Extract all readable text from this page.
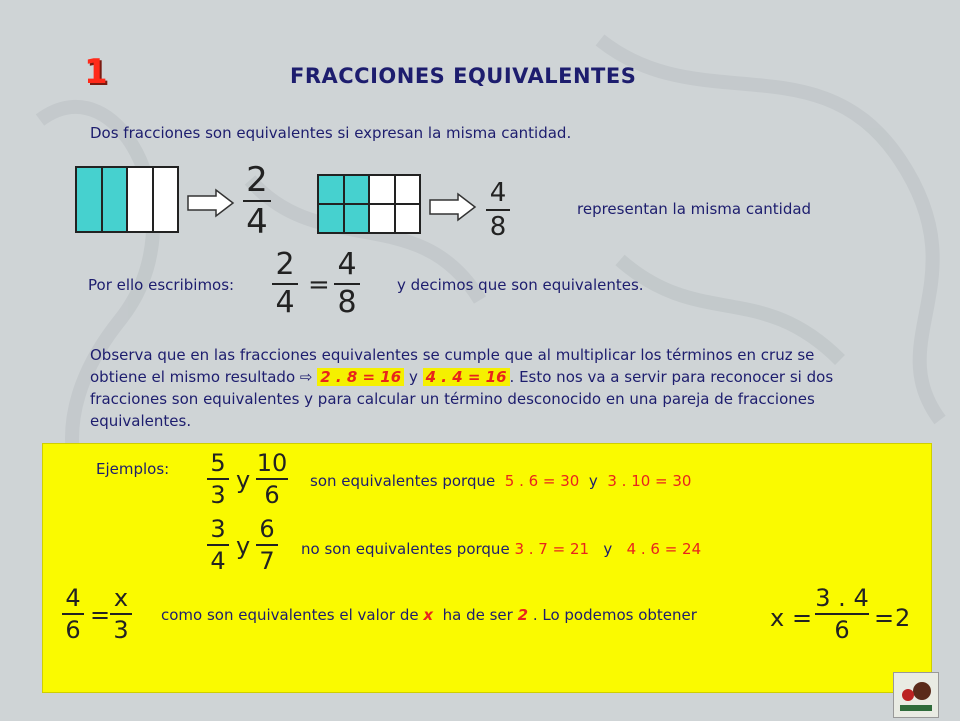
1	FRACCIONES EQUIVALENTES
Dos fracciones son equivalentes si expresan la misma cantidad.
2
4
4
8
representan la misma cantidad
Por ello escribimos:
2
4 =
4
8	y decimos que son equivalentes.
Observa que en las fracciones equivalentes se cumple que al multiplicar los términos en cruz se obtiene el mismo resultado ⇨ 2 . 8 = 16 y 4 . 4 = 16 . Esto nos va a servir para reconocer si dos fracciones son equivalentes y para calcular un término desconocido en una pareja de fracciones equivalentes.
Ejemplos: 5
3
y
10
6	son equivalentes porque 5 . 6 = 30 y 3 . 10 = 30
3
4
y
6
7 no son equivalentes porque 3 . 7 = 21 y 4 . 6 = 24
4
6
=
x
3
como son equivalentes el valor de x ha de ser 2 . Lo podemos obtener	x =
3 . 4
6	= 2
